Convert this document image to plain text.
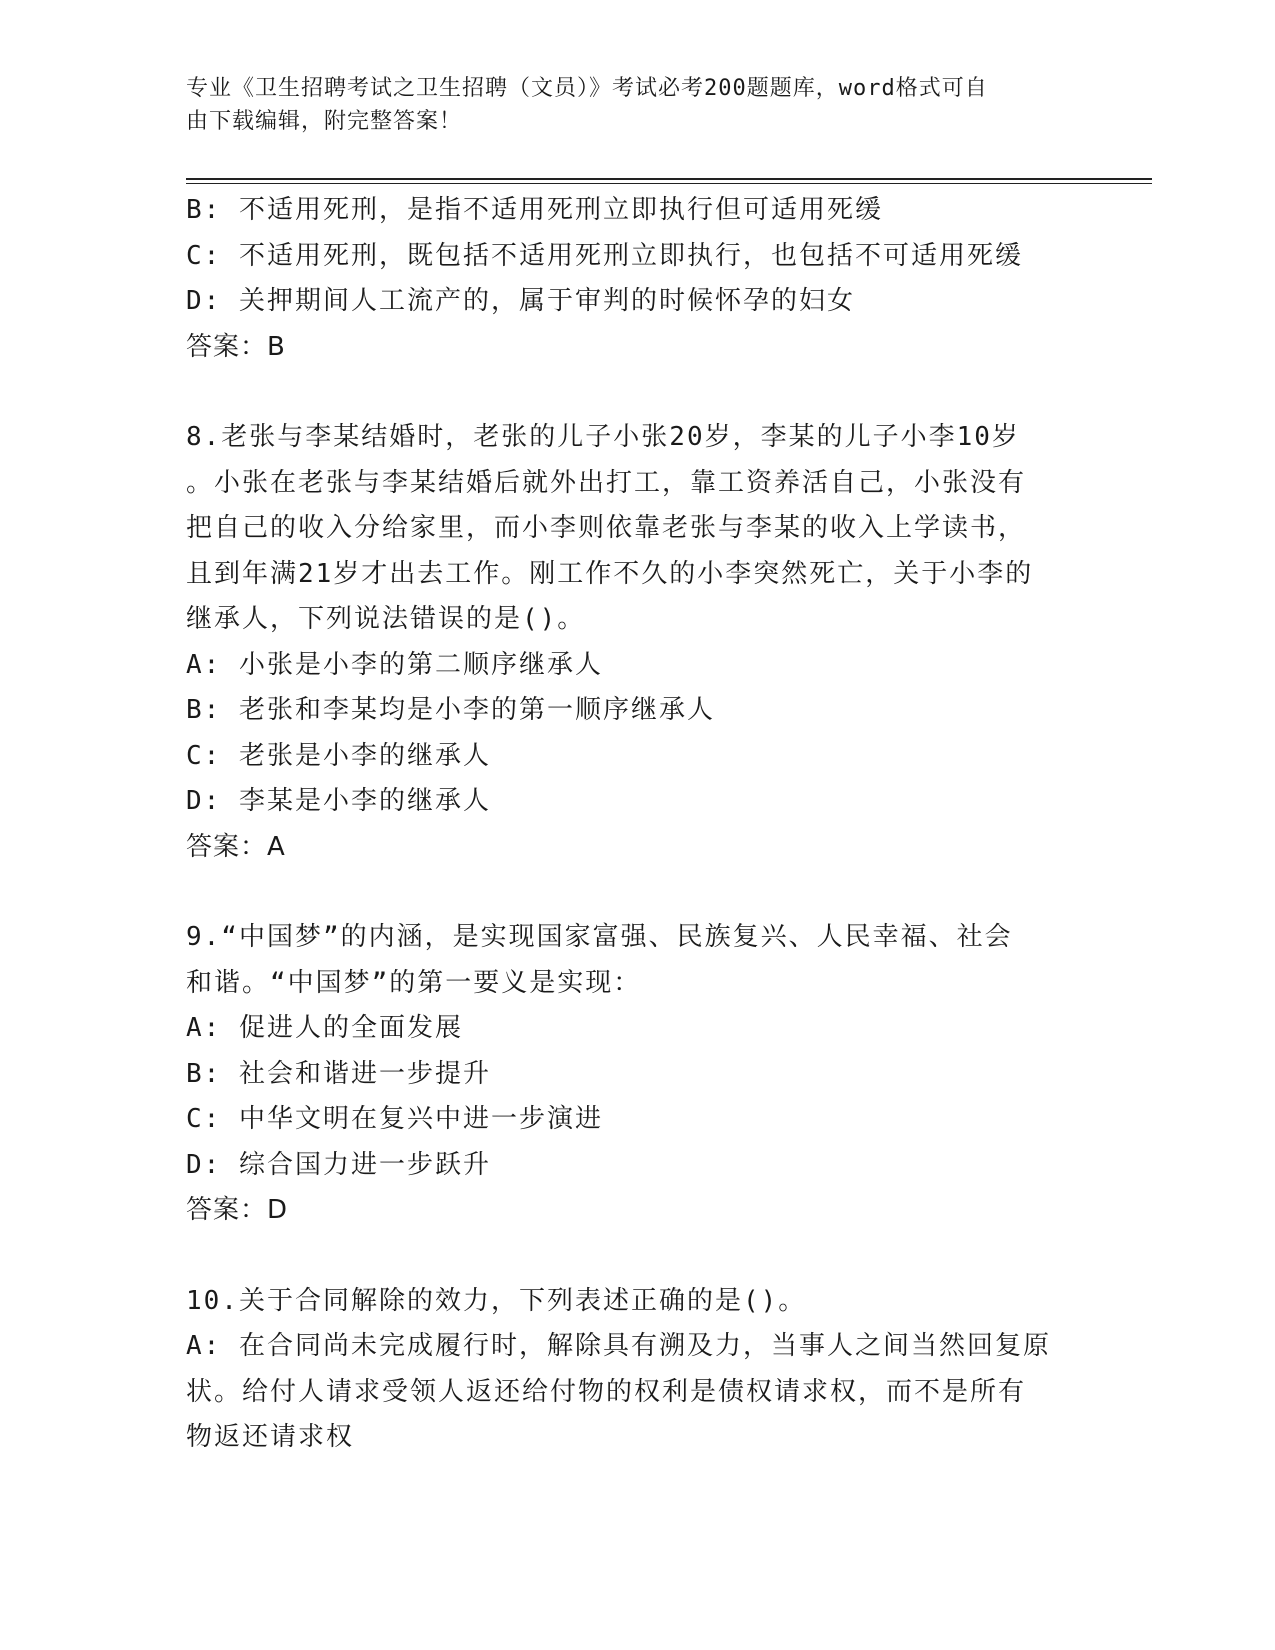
专业《卫生招聘考试之卫生招聘（文员）》考试必考200题题库，word格式可自
由下载编辑，附完整答案！

B: 不适用死刑，是指不适用死刑立即执行但可适用死缓

C: 不适用死刑，既包括不适用死刑立即执行，也包括不可适用死缓

D: 关押期间人工流产的，属于审判的时候怀孕的妇女

答案：B

8.老张与李某结婚时，老张的儿子小张20岁，李某的儿子小李10岁

。小张在老张与李某结婚后就外出打工，靠工资养活自己，小张没有

把自己的收入分给家里，而小李则依靠老张与李某的收入上学读书，

且到年满21岁才出去工作。刚工作不久的小李突然死亡，关于小李的

继承人，下列说法错误的是()。

A: 小张是小李的第二顺序继承人

B: 老张和李某均是小李的第一顺序继承人

C: 老张是小李的继承人

D: 李某是小李的继承人

答案：A

9.“中国梦”的内涵，是实现国家富强、民族复兴、人民幸福、社会

和谐。“中国梦”的第一要义是实现：

A: 促进人的全面发展

B: 社会和谐进一步提升

C: 中华文明在复兴中进一步演进

D: 综合国力进一步跃升

答案：D

10.关于合同解除的效力，下列表述正确的是()。

A: 在合同尚未完成履行时，解除具有溯及力，当事人之间当然回复原

状。给付人请求受领人返还给付物的权利是债权请求权，而不是所有

物返还请求权
